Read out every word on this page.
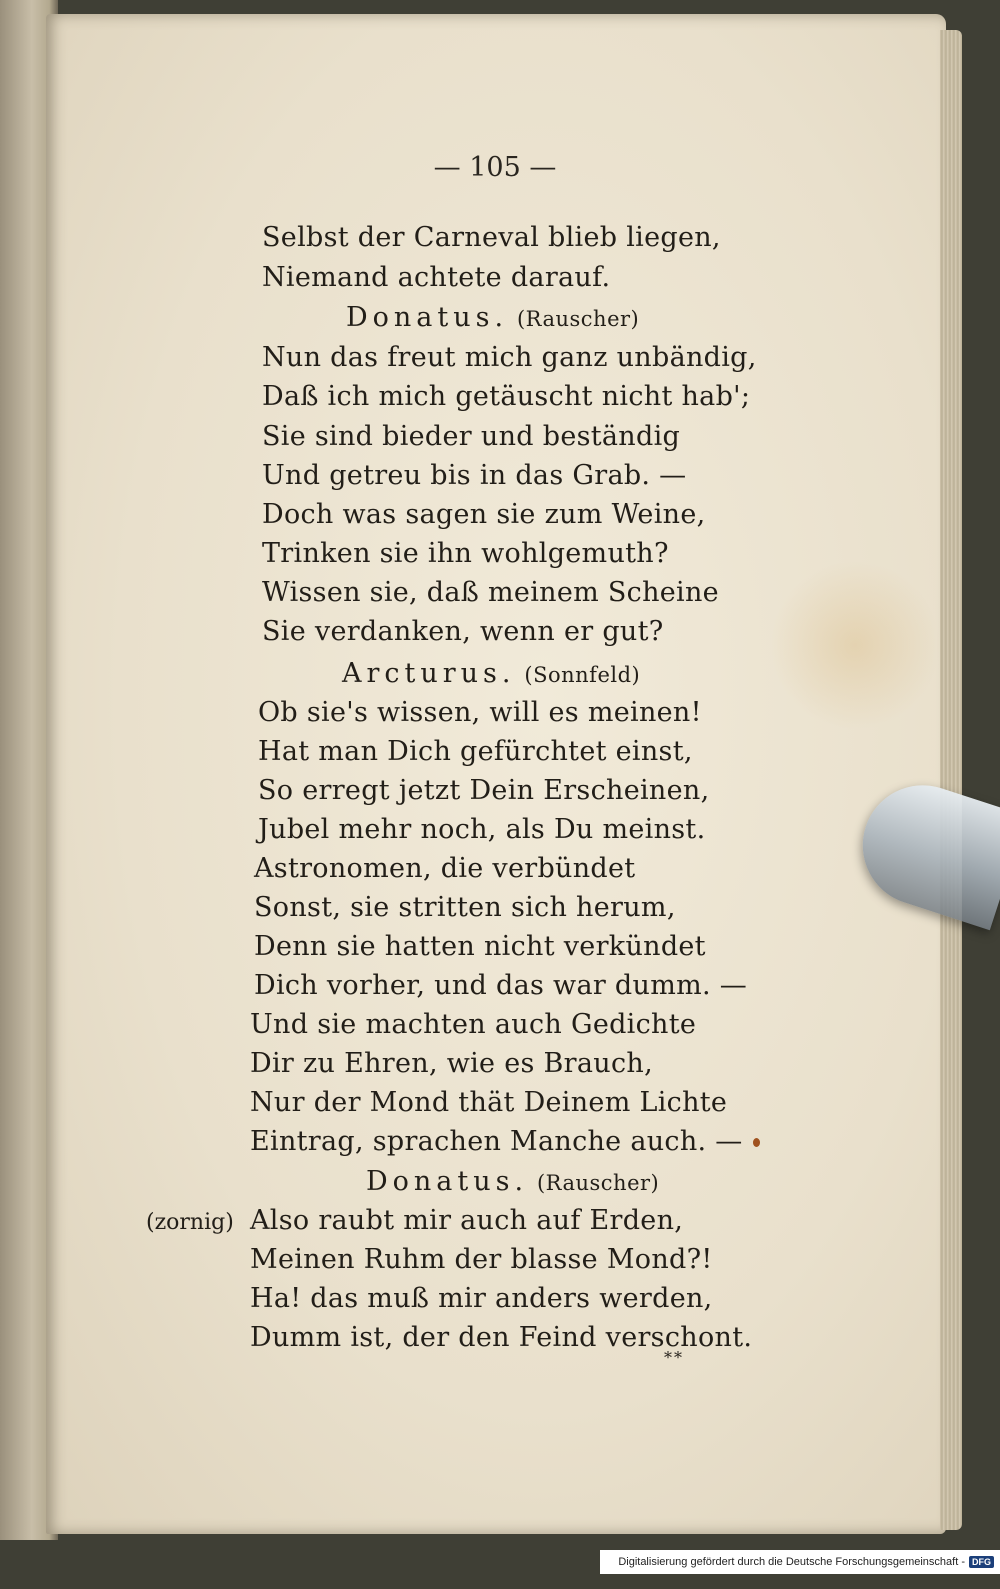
— 105 —
Selbst der Carneval blieb liegen,
Niemand achtete darauf.
Donatus. (Rauscher)
Nun das freut mich ganz unbändig,
Daß ich mich getäuscht nicht hab';
Sie sind bieder und beständig
Und getreu bis in das Grab. —
Doch was sagen sie zum Weine,
Trinken sie ihn wohlgemuth?
Wissen sie, daß meinem Scheine
Sie verdanken, wenn er gut?
Arcturus. (Sonnfeld)
Ob sie's wissen, will es meinen!
Hat man Dich gefürchtet einst,
So erregt jetzt Dein Erscheinen,
Jubel mehr noch, als Du meinst.
Astronomen, die verbündet
Sonst, sie stritten sich herum,
Denn sie hatten nicht verkündet
Dich vorher, und das war dumm. —
Und sie machten auch Gedichte
Dir zu Ehren, wie es Brauch,
Nur der Mond thät Deinem Lichte
Eintrag, sprachen Manche auch. —
Donatus. (Rauscher)
(zornig) Also raubt mir auch auf Erden,
Meinen Ruhm der blasse Mond?!
Ha! das muß mir anders werden,
Dumm ist, der den Feind verschont.
**
Digitalisierung gefördert durch die Deutsche Forschungsgemeinschaft - DFG
